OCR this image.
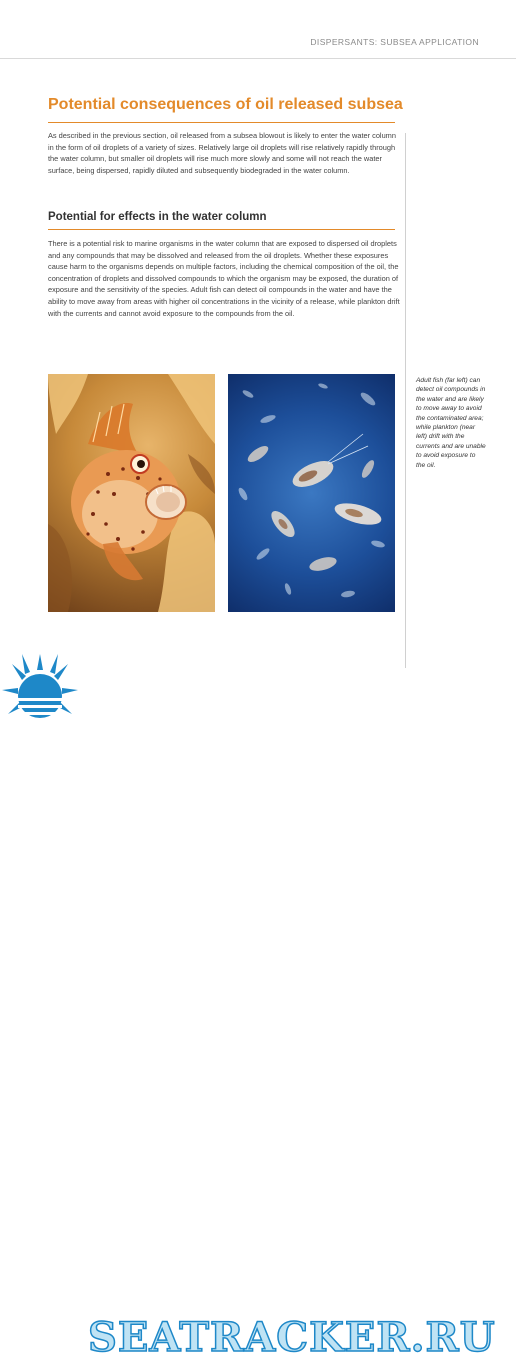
DISPERSANTS: SUBSEA APPLICATION
Potential consequences of oil released subsea

As described in the previous section, oil released from a subsea blowout is likely to enter the water column in the form of oil droplets of a variety of sizes. Relatively large oil droplets will rise relatively rapidly through the water column, but smaller oil droplets will rise much more slowly and some will not reach the water surface, being dispersed, rapidly diluted and subsequently biodegraded in the water column.

Potential for effects in the water column

There is a potential risk to marine organisms in the water column that are exposed to dispersed oil droplets and any compounds that may be dissolved and released from the oil droplets. Whether these exposures cause harm to the organisms depends on multiple factors, including the chemical composition of the oil, the concentration of droplets and dissolved compounds to which the organism may be exposed, the duration of exposure and the sensitivity of the species. Adult fish can detect oil compounds in the water and have the ability to move away from areas with higher oil concentrations in the vicinity of a release, while plankton drift with the currents and cannot avoid exposure to the compounds from the oil.

Adult fish (far left) can detect oil compounds in the water and are likely to move away to avoid the contaminated area; while plankton (near left) drift with the currents and are unable to avoid exposure to the oil.

SEATRACKER.RU
